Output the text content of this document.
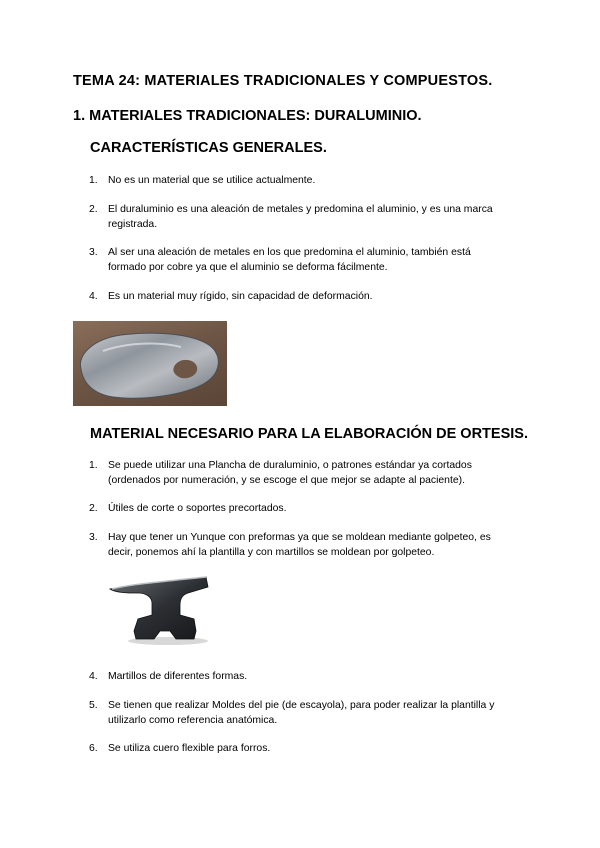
TEMA 24: MATERIALES TRADICIONALES Y COMPUESTOS.
1. MATERIALES TRADICIONALES: DURALUMINIO.
CARACTERÍSTICAS GENERALES.
1. No es un material que se utilice actualmente.
2. El duraluminio es una aleación de metales y predomina el aluminio, y es una marca
registrada.
3. Al ser una aleación de metales en los que predomina el aluminio, también está
formado por cobre ya que el aluminio se deforma fácilmente.
4. Es un material muy rígido, sin capacidad de deformación.
MATERIAL NECESARIO PARA LA ELABORACIÓN DE ORTESIS.
1. Se puede utilizar una Plancha de duraluminio, o patrones estándar ya cortados
(ordenados por numeración, y se escoge el que mejor se adapte al paciente).
2. Útiles de corte o soportes precortados.
3. Hay que tener un Yunque con preformas ya que se moldean mediante golpeteo, es
decir, ponemos ahí la plantilla y con martillos se moldean por golpeteo.
4. Martillos de diferentes formas.
5. Se tienen que realizar Moldes del pie (de escayola), para poder realizar la plantilla y
utilizarlo como referencia anatómica.
6. Se utiliza cuero flexible para forros.
